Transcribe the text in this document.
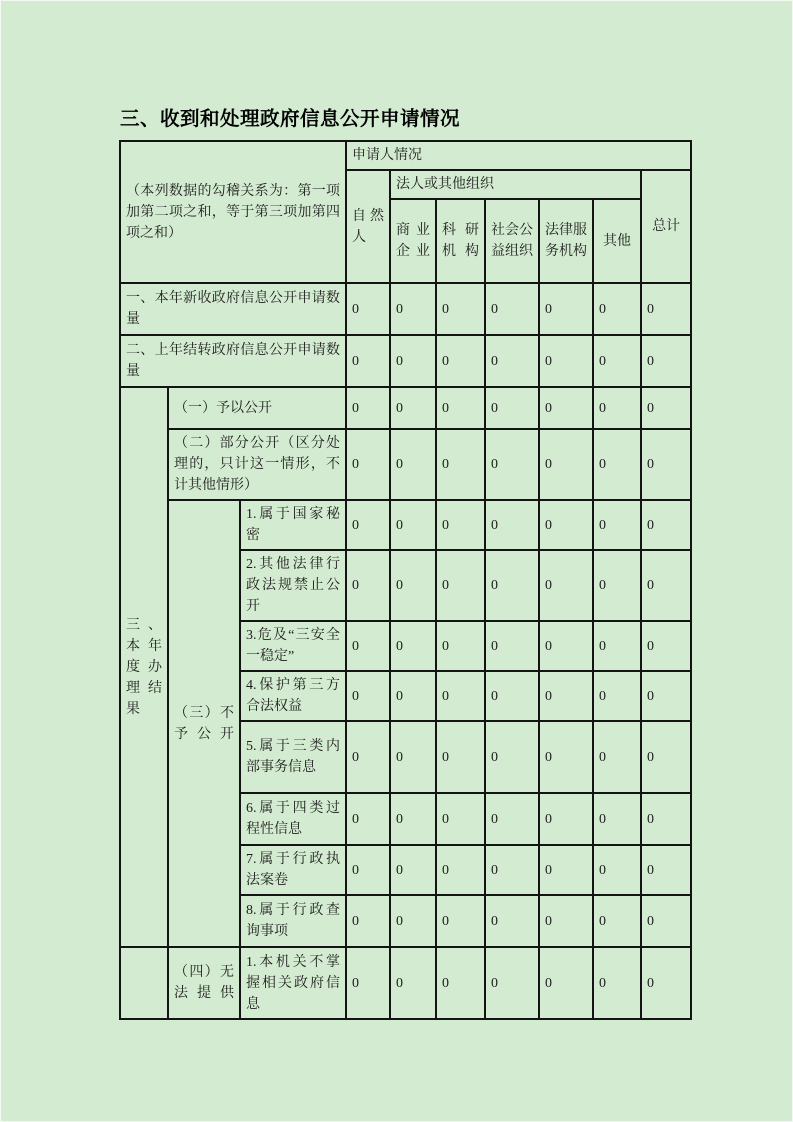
三、收到和处理政府信息公开申请情况
（本列数据的勾稽关系为：第一项加第二项之和，等于第三项加第四项之和）			申请人情况						
			自然人	法人或其他组织					总计
				商业企业	科研机构	社会公益组织	法律服务机构	其他	
一、本年新收政府信息公开申请数量			0	0	0	0	0	0	0
二、上年结转政府信息公开申请数量			0	0	0	0	0	0	0
三、本年度办理结果	（一）予以公开		0	0	0	0	0	0	0
	（二）部分公开（区分处理的，只计这一情形，不计其他情形）		0	0	0	0	0	0	0
	（三）不予公开	1.属于国家秘密	0	0	0	0	0	0	0
		2.其他法律行政法规禁止公开	0	0	0	0	0	0	0
		3.危及“三安全一稳定”	0	0	0	0	0	0	0
		4.保护第三方合法权益	0	0	0	0	0	0	0
		5.属于三类内部事务信息	0	0	0	0	0	0	0
		6.属于四类过程性信息	0	0	0	0	0	0	0
		7.属于行政执法案卷	0	0	0	0	0	0	0
		8.属于行政查询事项	0	0	0	0	0	0	0
	（四）无法提供	1.本机关不掌握相关政府信息	0	0	0	0	0	0	0
